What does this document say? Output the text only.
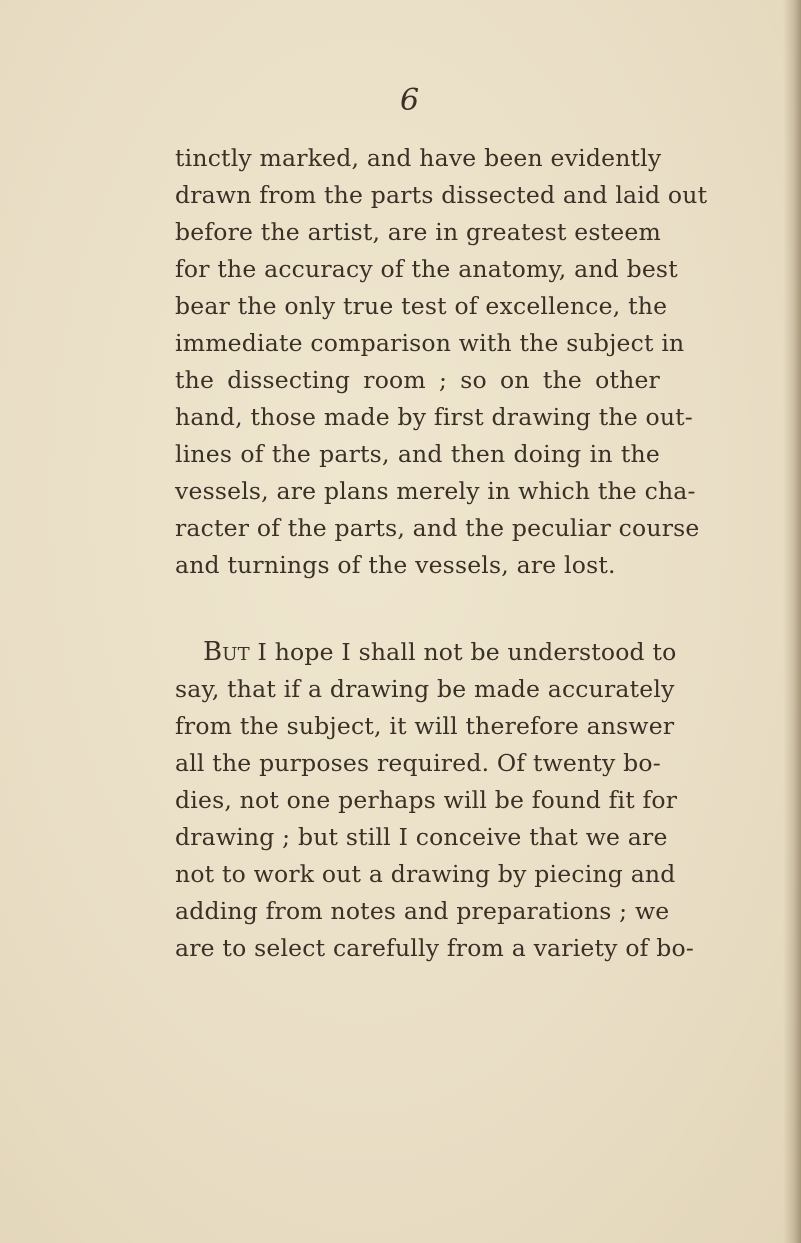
6
tinctly marked, and have been evidently
drawn from the parts dissected and laid out
before the artist, are in greatest esteem
for the accuracy of the anatomy, and best
bear the only true test of excellence, the
immediate comparison with the subject in
the dissecting room ; so on the other
hand, those made by first drawing the out-
lines of the parts, and then doing in the
vessels, are plans merely in which the cha-
racter of the parts, and the peculiar course
and turnings of the vessels, are lost.
But I hope I shall not be understood to
say, that if a drawing be made accurately
from the subject, it will therefore answer
all the purposes required. Of twenty bo-
dies, not one perhaps will be found fit for
drawing ; but still I conceive that we are
not to work out a drawing by piecing and
adding from notes and preparations ; we
are to select carefully from a variety of bo-
